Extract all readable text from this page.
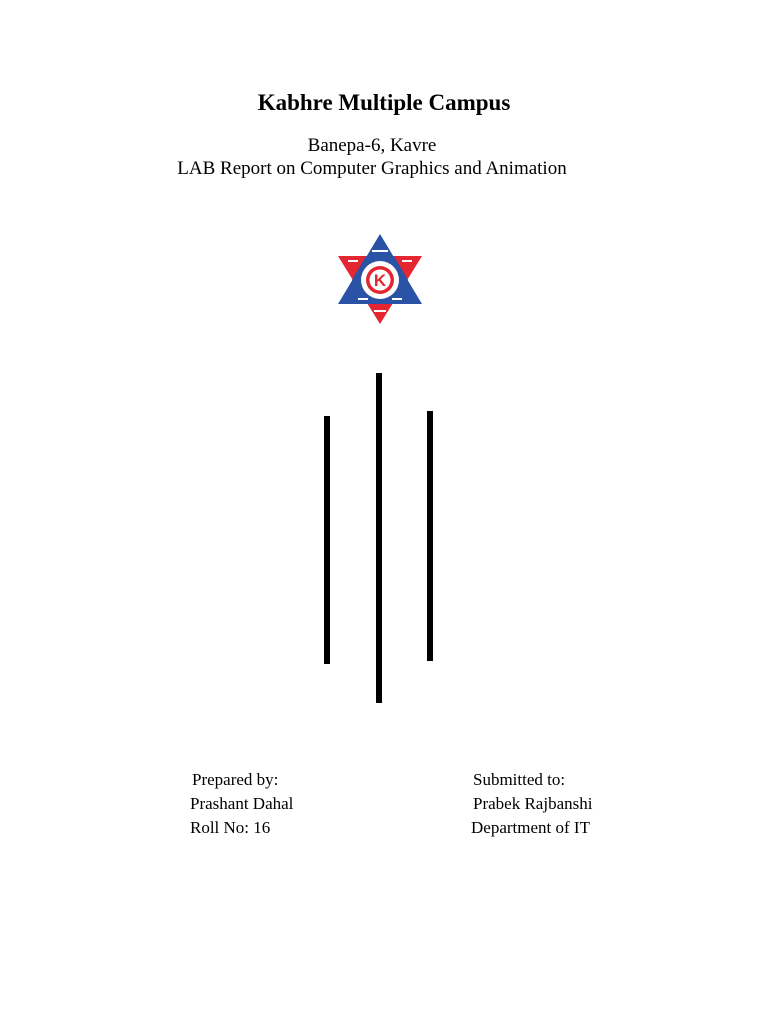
Kabhre Multiple Campus
Banepa-6, Kavre
LAB Report on Computer Graphics and Animation
K
Prepared by:
Prashant Dahal
Roll No: 16
Submitted to:
Prabek Rajbanshi
Department of IT
